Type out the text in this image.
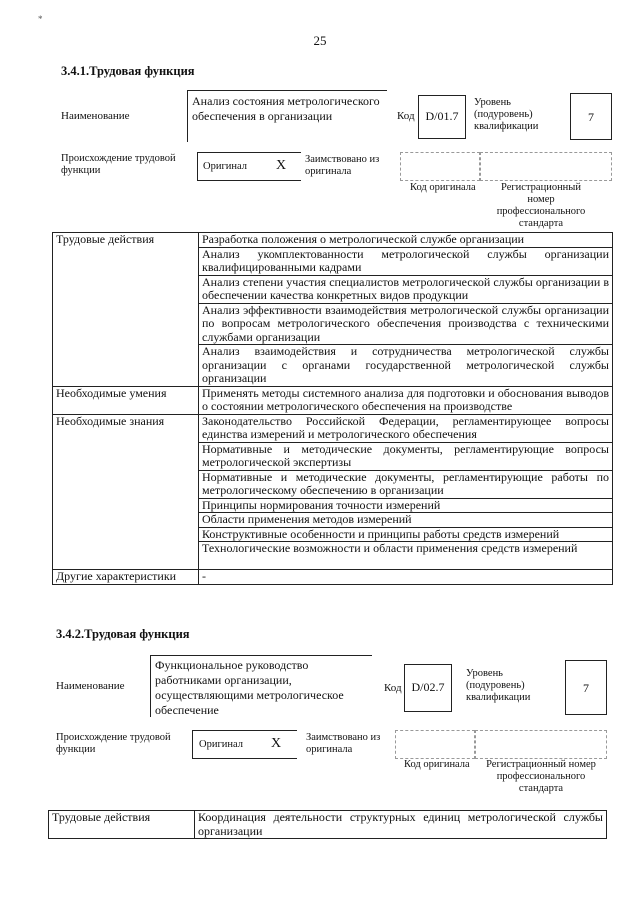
*
25
3.4.1.Трудовая функция
Наименование
Анализ состояния метрологического обеспечения в организации	Код D/01.7
Уровень (подуровень) квалификации
7
Происхождение трудовой функции	Оригинал X Заимствовано из оригинала
Код оригинала	Регистрационный номер профессионального стандарта
Трудовые действия	Разработка положения о метрологической службе организации
	Анализ укомплектованности метрологической службы организации квалифицированными кадрами
	Анализ степени участия специалистов метрологической службы организации в обеспечении качества конкретных видов продукции
	Анализ эффективности взаимодействия метрологической службы организации по вопросам метрологического обеспечения производства с техническими службами организации
	Анализ взаимодействия и сотрудничества метрологической службы организации с органами государственной метрологической службы организации
Необходимые умения	Применять методы системного анализа для подготовки и обоснования выводов о состоянии метрологического обеспечения на производстве
Необходимые знания	Законодательство Российской Федерации, регламентирующее вопросы единства измерений и метрологического обеспечения
	Нормативные и методические документы, регламентирующие вопросы метрологической экспертизы
	Нормативные и методические документы, регламентирующие работы по метрологическому обеспечению в организации
	Принципы нормирования точности измерений
	Области применения методов измерений
	Конструктивные особенности и принципы работы средств измерений
	Технологические возможности и области применения средств измерений
Другие характеристики	-
3.4.2.Трудовая функция
Наименование
Функциональное руководство работниками организации, осуществляющими метрологическое обеспечение
Код D/02.7
Уровень (подуровень) квалификации
7
Происхождение трудовой функции	Оригинал X Заимствовано из оригинала
Код оригинала Регистрационный номер профессионального стандарта
Трудовые действия	Координация деятельности структурных единиц метрологической службы организации
